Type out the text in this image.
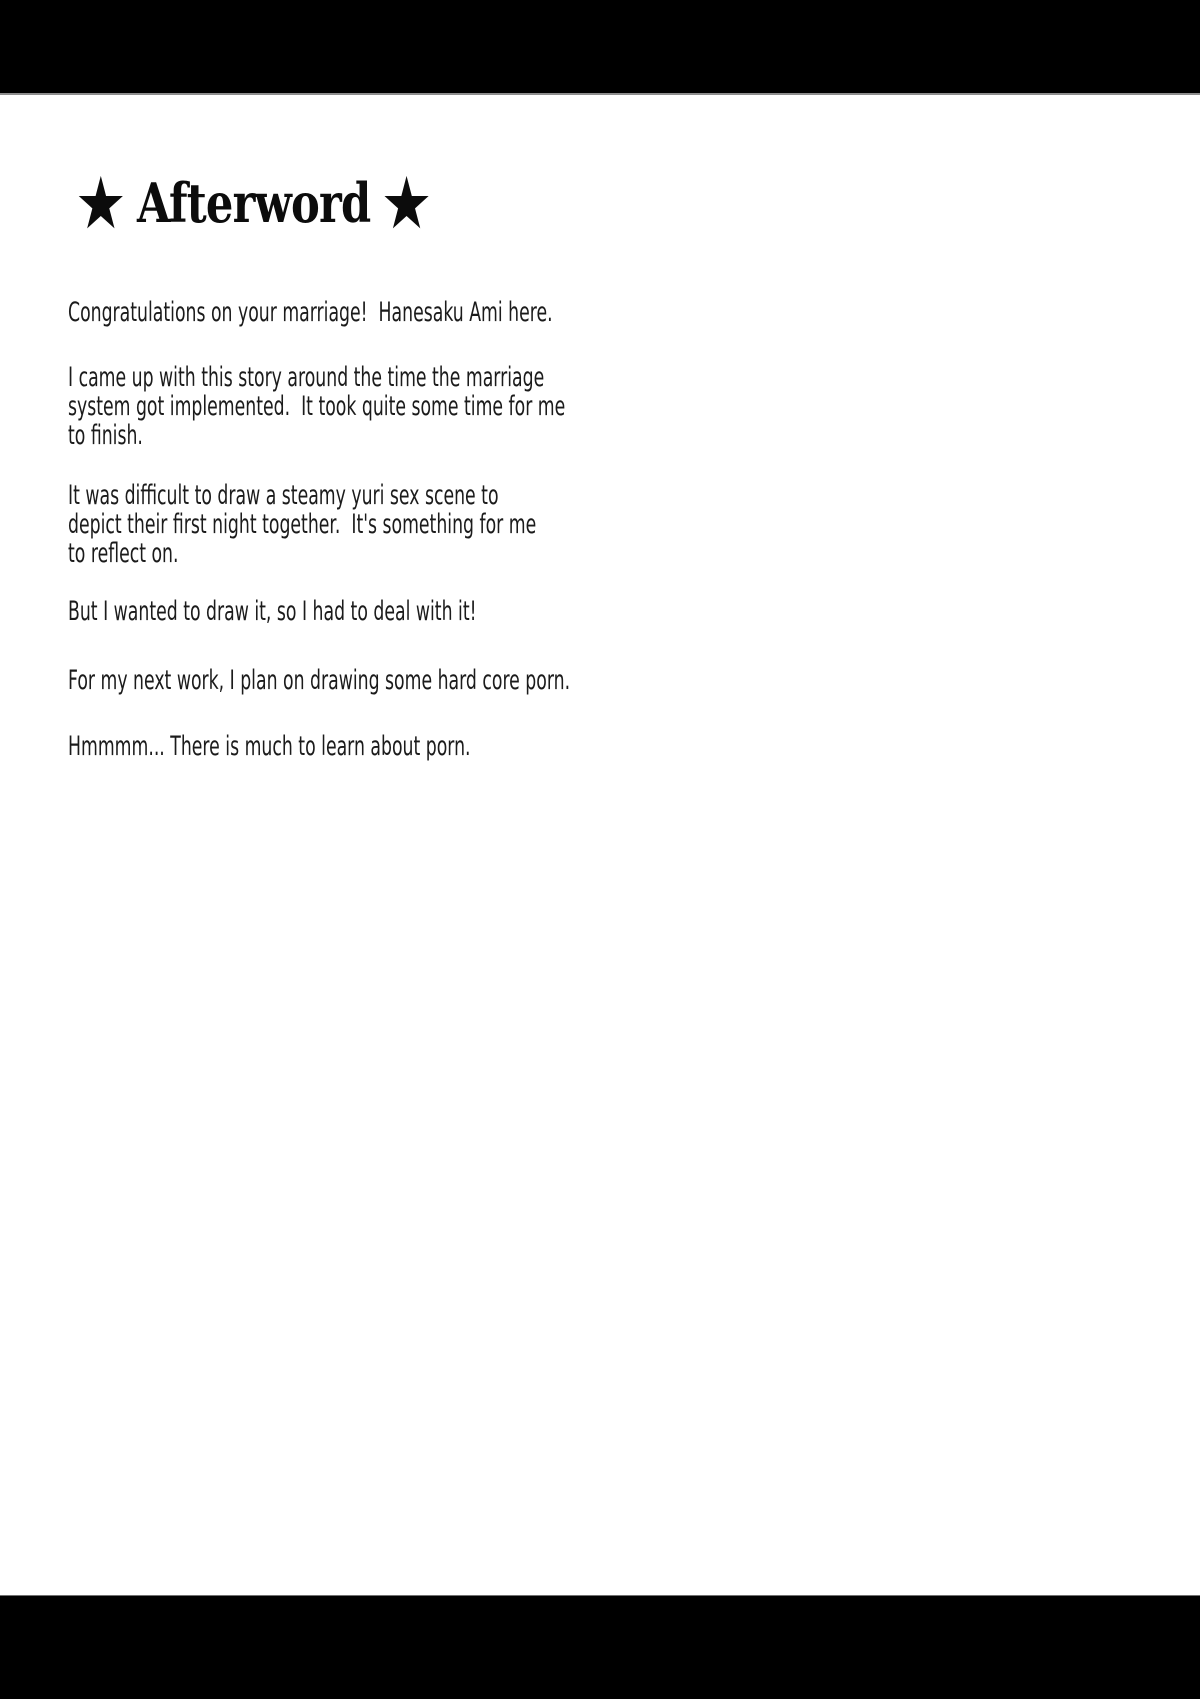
★ Afterword ★
Congratulations on your marriage!  Hanesaku Ami here.
I came up with this story around the time the marriage
system got implemented.  It took quite some time for me
to finish.
It was difficult to draw a steamy yuri sex scene to
depict their first night together.  It's something for me
to reflect on.
But I wanted to draw it, so I had to deal with it!
For my next work, I plan on drawing some hard core porn.
Hmmmm... There is much to learn about porn.
